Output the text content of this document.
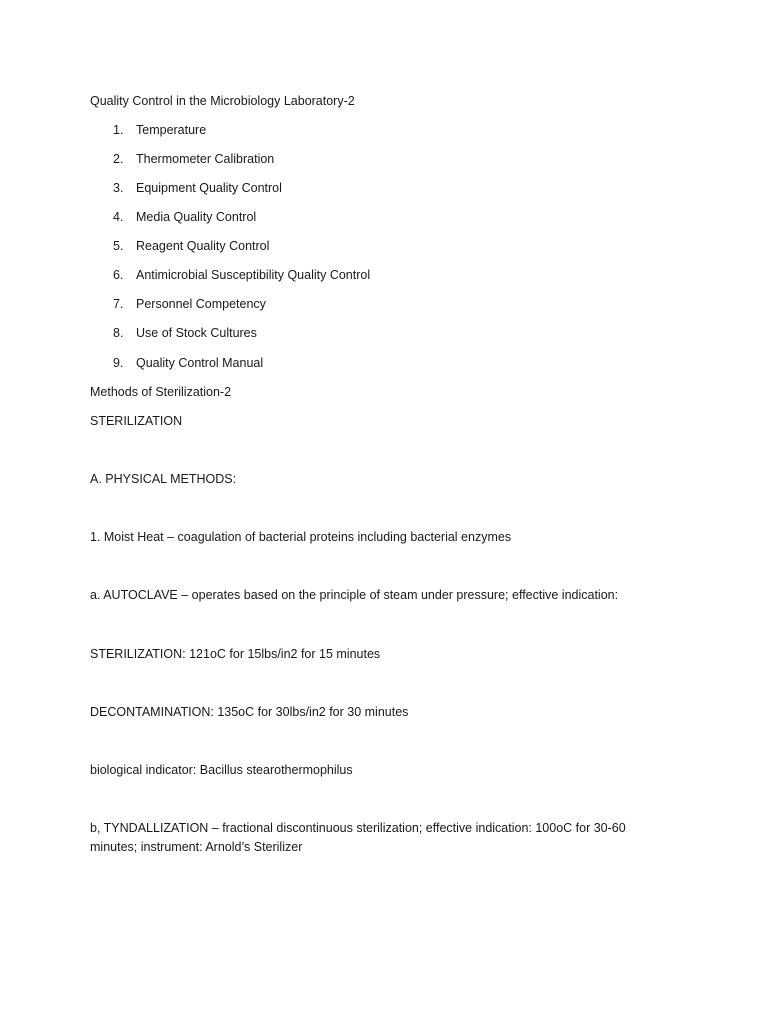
Quality Control in the Microbiology Laboratory-2
1. Temperature
2. Thermometer Calibration
3. Equipment Quality Control
4. Media Quality Control
5. Reagent Quality Control
6. Antimicrobial Susceptibility Quality Control
7. Personnel Competency
8. Use of Stock Cultures
9. Quality Control Manual
Methods of Sterilization-2
STERILIZATION
A. PHYSICAL METHODS:
1. Moist Heat – coagulation of bacterial proteins including bacterial enzymes
a. AUTOCLAVE – operates based on the principle of steam under pressure; effective indication:
STERILIZATION: 121oC for 15lbs/in2 for 15 minutes
DECONTAMINATION: 135oC for 30lbs/in2 for 30 minutes
biological indicator: Bacillus stearothermophilus
b, TYNDALLIZATION – fractional discontinuous sterilization; effective indication: 100oC for 30-60 minutes; instrument: Arnold’s Sterilizer
